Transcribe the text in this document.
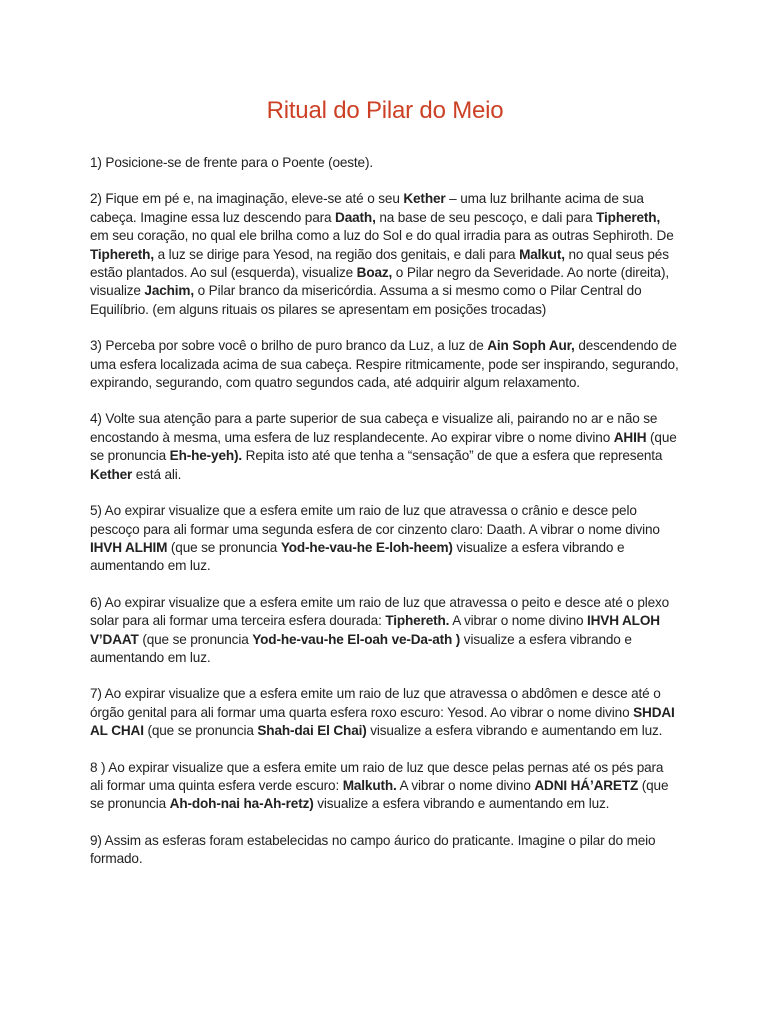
Ritual do Pilar do Meio

1) Posicione-se de frente para o Poente (oeste).

2) Fique em pé e, na imaginação, eleve-se até o seu Kether – uma luz brilhante acima de sua cabeça. Imagine essa luz descendo para Daath, na base de seu pescoço, e dali para Tiphereth, em seu coração, no qual ele brilha como a luz do Sol e do qual irradia para as outras Sephiroth. De Tiphereth, a luz se dirige para Yesod, na região dos genitais, e dali para Malkut, no qual seus pés estão plantados. Ao sul (esquerda), visualize Boaz, o Pilar negro da Severidade. Ao norte (direita), visualize Jachim, o Pilar branco da misericórdia. Assuma a si mesmo como o Pilar Central do Equilíbrio. (em alguns rituais os pilares se apresentam em posições trocadas)

3) Perceba por sobre você o brilho de puro branco da Luz, a luz de Ain Soph Aur, descendendo de uma esfera localizada acima de sua cabeça. Respire ritmicamente, pode ser inspirando, segurando, expirando, segurando, com quatro segundos cada, até adquirir algum relaxamento.

4) Volte sua atenção para a parte superior de sua cabeça e visualize ali, pairando no ar e não se encostando à mesma, uma esfera de luz resplandecente. Ao expirar vibre o nome divino AHIH (que se pronuncia Eh-he-yeh). Repita isto até que tenha a “sensação” de que a esfera que representa Kether está ali.

5) Ao expirar visualize que a esfera emite um raio de luz que atravessa o crânio e desce pelo pescoço para ali formar uma segunda esfera de cor cinzento claro: Daath. A vibrar o nome divino IHVH ALHIM (que se pronuncia Yod-he-vau-he E-loh-heem) visualize a esfera vibrando e aumentando em luz.

6) Ao expirar visualize que a esfera emite um raio de luz que atravessa o peito e desce até o plexo solar para ali formar uma terceira esfera dourada: Tiphereth. A vibrar o nome divino IHVH ALOH V’DAAT (que se pronuncia Yod-he-vau-he El-oah ve-Da-ath ) visualize a esfera vibrando e aumentando em luz.

7) Ao expirar visualize que a esfera emite um raio de luz que atravessa o abdômen e desce até o órgão genital para ali formar uma quarta esfera roxo escuro: Yesod. Ao vibrar o nome divino SHDAI AL CHAI (que se pronuncia Shah-dai El Chai) visualize a esfera vibrando e aumentando em luz.

8 ) Ao expirar visualize que a esfera emite um raio de luz que desce pelas pernas até os pés para ali formar uma quinta esfera verde escuro: Malkuth. A vibrar o nome divino ADNI HÁ’ARETZ (que se pronuncia Ah-doh-nai ha-Ah-retz) visualize a esfera vibrando e aumentando em luz.

9) Assim as esferas foram estabelecidas no campo áurico do praticante. Imagine o pilar do meio formado.
